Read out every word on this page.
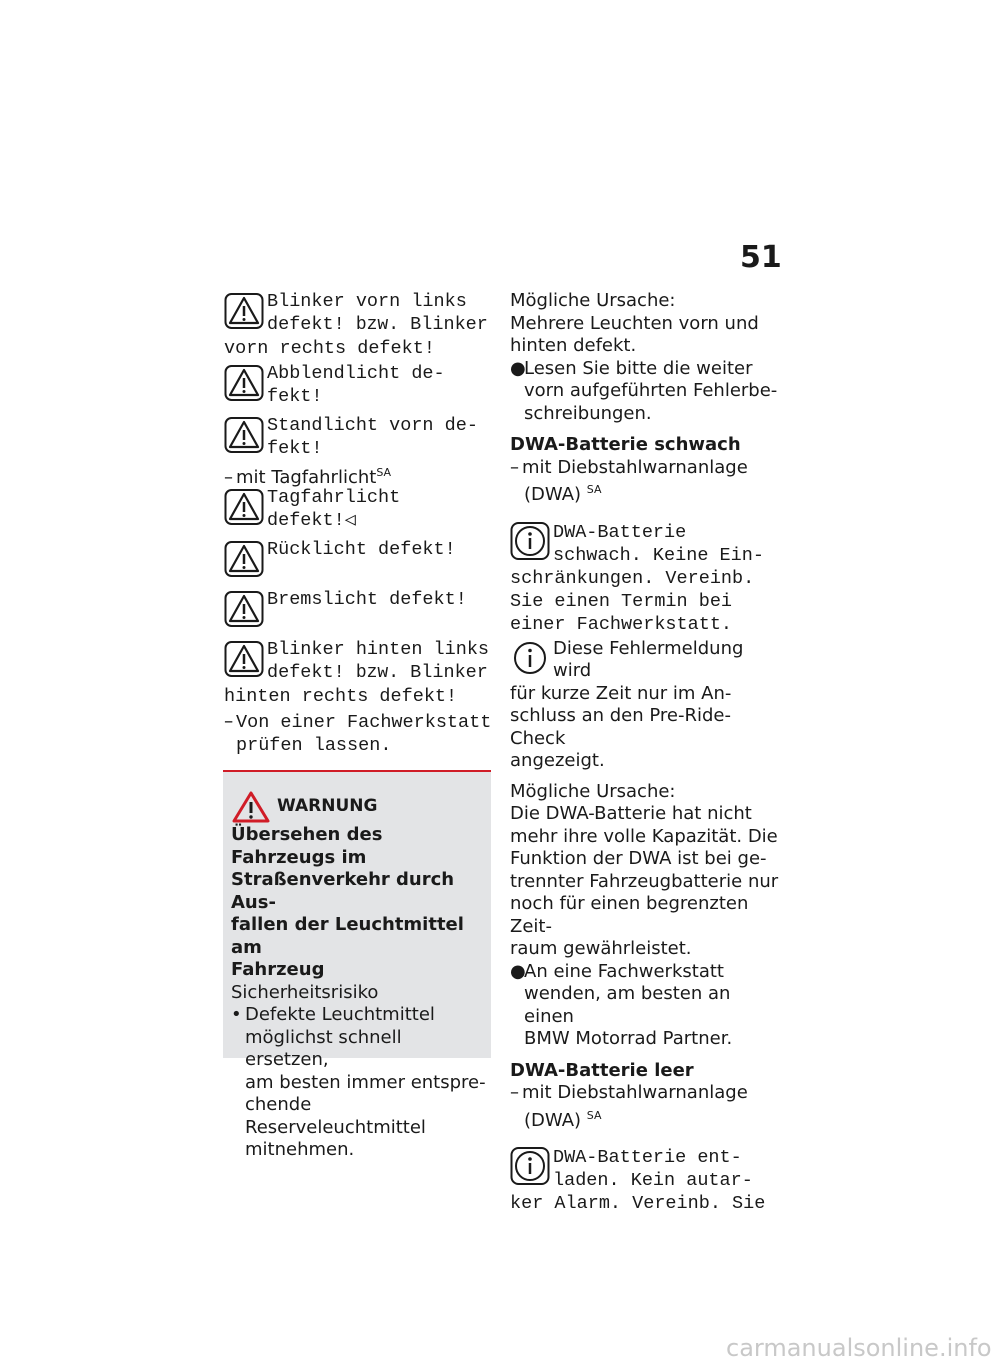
51
Blinker vorn links
defekt! bzw. Blinker
vorn rechts defekt!
Abblendlicht de-
fekt!
Standlicht vorn de-
fekt!
– mit Tagfahrlicht$^{SA}$
Tagfahrlicht
defekt!◁
Rücklicht defekt!
Bremslicht defekt!
Blinker hinten links
defekt! bzw. Blinker
hinten rechts defekt!
– Von einer Fachwerkstatt
prüfen lassen.
WARNUNG
Übersehen des Fahrzeugs im
Straßenverkehr durch Aus-
fallen der Leuchtmittel am
Fahrzeug
Sicherheitsrisiko
• Defekte Leuchtmittel
möglichst schnell ersetzen,
am besten immer entspre-
chende Reserveleuchtmittel
mitnehmen.
Mögliche Ursache:
Mehrere Leuchten vorn und
hinten defekt.
●Lesen Sie bitte die weiter
vorn aufgeführten Fehlerbe-
schreibungen.
DWA-Batterie schwach
– mit Diebstahlwarnanlage
(DWA) $^{SA}$
DWA-Batterie
schwach. Keine Ein-
schränkungen. Vereinb.
Sie einen Termin bei
einer Fachwerkstatt.
Diese Fehlermeldung wird
für kurze Zeit nur im An-
schluss an den Pre-Ride-Check
angezeigt.
Mögliche Ursache:
Die DWA-Batterie hat nicht
mehr ihre volle Kapazität. Die
Funktion der DWA ist bei ge-
trennter Fahrzeugbatterie nur
noch für einen begrenzten Zeit-
raum gewährleistet.
●An eine Fachwerkstatt
wenden, am besten an einen
BMW Motorrad Partner.
DWA-Batterie leer
– mit Diebstahlwarnanlage
(DWA) $^{SA}$
DWA-Batterie ent-
laden. Kein autar-
ker Alarm. Vereinb. Sie
carmanualsonline.info
